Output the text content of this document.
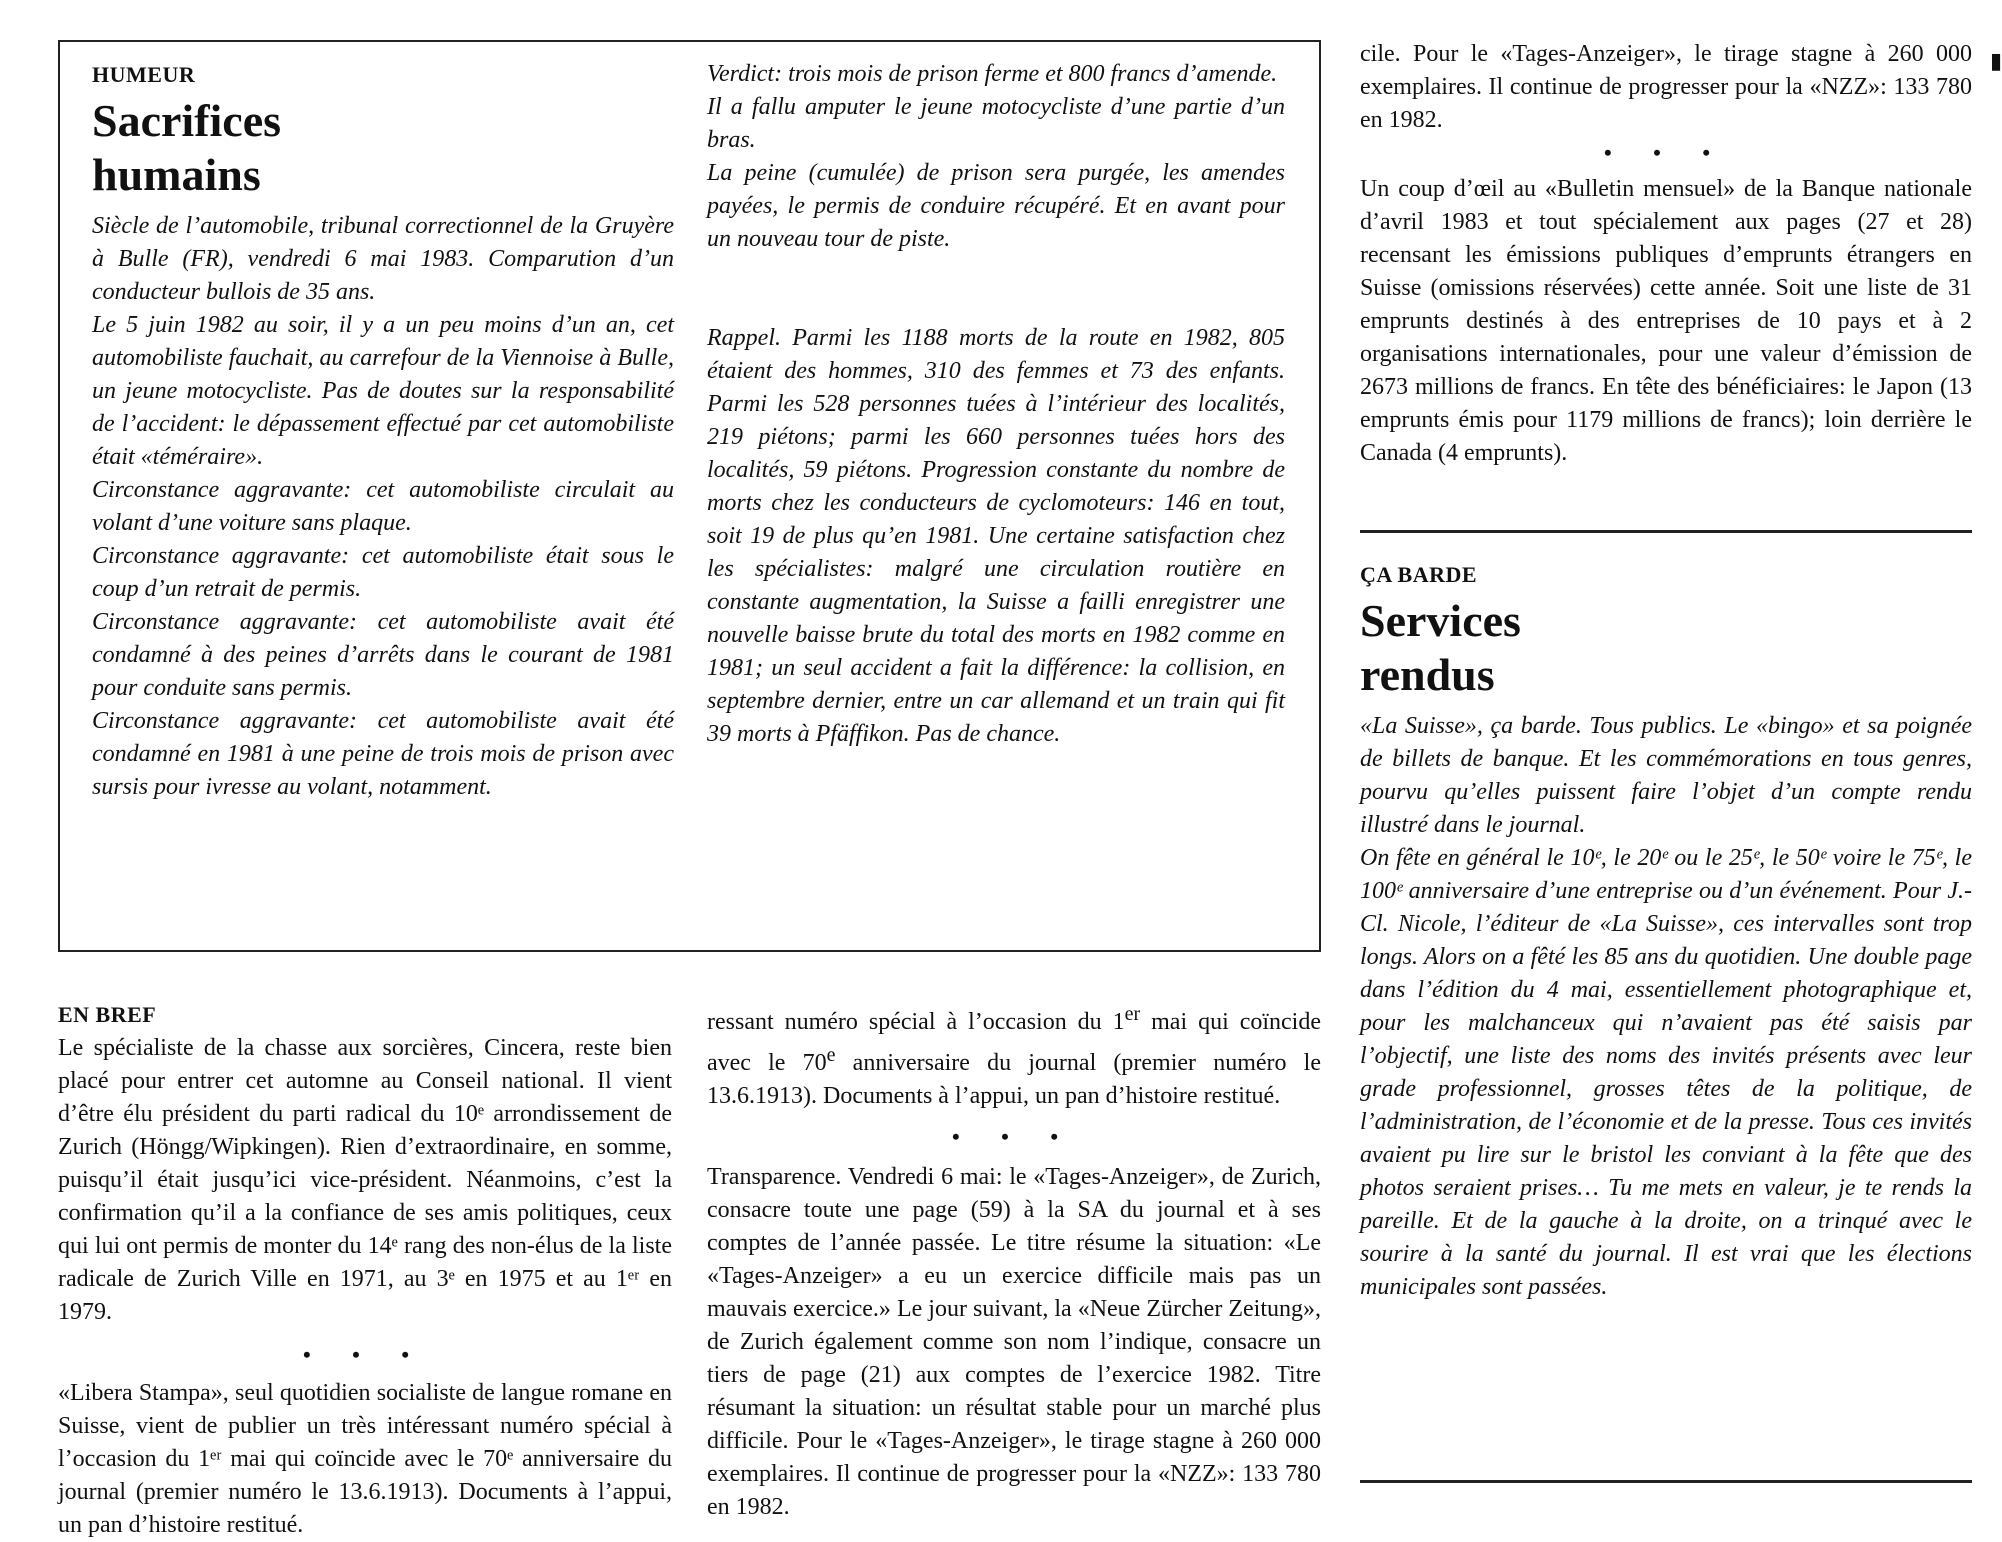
HUMEUR
Sacrifices
humains

Siècle de l’automobile, tribunal correctionnel de la Gruyère à Bulle (FR), vendredi 6 mai 1983. Comparution d’un conducteur bullois de 35 ans.

Le 5 juin 1982 au soir, il y a un peu moins d’un an, cet automobiliste fauchait, au carrefour de la Viennoise à Bulle, un jeune motocycliste. Pas de doutes sur la responsabilité de l’accident: le dépassement effectué par cet automobiliste était «téméraire».

Circonstance aggravante: cet automobiliste circulait au volant d’une voiture sans plaque.

Circonstance aggravante: cet automobiliste était sous le coup d’un retrait de permis.

Circonstance aggravante: cet automobiliste avait été condamné à des peines d’arrêts dans le courant de 1981 pour conduite sans permis.

Circonstance aggravante: cet automobiliste avait été condamné en 1981 à une peine de trois mois de prison avec sursis pour ivresse au volant, notamment.

Verdict: trois mois de prison ferme et 800 francs d’amende.

Il a fallu amputer le jeune motocycliste d’une partie d’un bras.

La peine (cumulée) de prison sera purgée, les amendes payées, le permis de conduire récupéré. Et en avant pour un nouveau tour de piste.

Rappel. Parmi les 1188 morts de la route en 1982, 805 étaient des hommes, 310 des femmes et 73 des enfants. Parmi les 528 personnes tuées à l’intérieur des localités, 219 piétons; parmi les 660 personnes tuées hors des localités, 59 piétons. Progression constante du nombre de morts chez les conducteurs de cyclomoteurs: 146 en tout, soit 19 de plus qu’en 1981. Une certaine satisfaction chez les spécialistes: malgré une circulation routière en constante augmentation, la Suisse a failli enregistrer une nouvelle baisse brute du total des morts en 1982 comme en 1981; un seul accident a fait la différence: la collision, en septembre dernier, entre un car allemand et un train qui fit 39 morts à Pfäffikon. Pas de chance.

EN BREF

Le spécialiste de la chasse aux sorcières, Cincera, reste bien placé pour entrer cet automne au Conseil national. Il vient d’être élu président du parti radical du 10ᵉ arrondissement de Zurich (Höngg/Wipkingen). Rien d’extraordinaire, en somme, puisqu’il était jusqu’ici vice-président. Néanmoins, c’est la confirmation qu’il a la confiance de ses amis politiques, ceux qui lui ont permis de monter du 14ᵉ rang des non-élus de la liste radicale de Zurich Ville en 1971, au 3ᵉ en 1975 et au 1ᵉʳ en 1979.

• • •

«Libera Stampa», seul quotidien socialiste de langue romane en Suisse, vient de publier un très intéressant numéro spécial à l’occasion du 1ᵉʳ mai qui coïncide avec le 70ᵉ anniversaire du journal (premier numéro le 13.6.1913). Documents à l’appui, un pan d’histoire restitué.

ressant numéro spécial à l’occasion du 1er mai qui coïncide avec le 70e anniversaire du journal (premier numéro le 13.6.1913). Documents à l’appui, un pan d’histoire restitué.

• • •

Transparence. Vendredi 6 mai: le «Tages-Anzeiger», de Zurich, consacre toute une page (59) à la SA du journal et à ses comptes de l’année passée. Le titre résume la situation: «Le «Tages-Anzeiger» a eu un exercice difficile mais pas un mauvais exercice.» Le jour suivant, la «Neue Zürcher Zeitung», de Zurich également comme son nom l’indique, consacre un tiers de page (21) aux comptes de l’exercice 1982. Titre résumant la situation: un résultat stable pour un marché plus difficile. Pour le «Tages-Anzeiger», le tirage stagne à 260 000 exemplaires. Il continue de progresser pour la «NZZ»: 133 780 en 1982.

cile. Pour le «Tages-Anzeiger», le tirage stagne à 260 000 exemplaires. Il continue de progresser pour la «NZZ»: 133 780 en 1982.

• • •

Un coup d’œil au «Bulletin mensuel» de la Banque nationale d’avril 1983 et tout spécialement aux pages (27 et 28) recensant les émissions publiques d’emprunts étrangers en Suisse (omissions réservées) cette année. Soit une liste de 31 emprunts destinés à des entreprises de 10 pays et à 2 organisations internationales, pour une valeur d’émission de 2673 millions de francs. En tête des bénéficiaires: le Japon (13 emprunts émis pour 1179 millions de francs); loin derrière le Canada (4 emprunts).

ÇA BARDE
Services
rendus

«La Suisse», ça barde. Tous publics. Le «bingo» et sa poignée de billets de banque. Et les commémorations en tous genres, pourvu qu’elles puissent faire l’objet d’un compte rendu illustré dans le journal.

On fête en général le 10ᵉ, le 20ᵉ ou le 25ᵉ, le 50ᵉ voire le 75ᵉ, le 100ᵉ anniversaire d’une entreprise ou d’un événement. Pour J.-Cl. Nicole, l’éditeur de «La Suisse», ces intervalles sont trop longs. Alors on a fêté les 85 ans du quotidien. Une double page dans l’édition du 4 mai, essentiellement photographique et, pour les malchanceux qui n’avaient pas été saisis par l’objectif, une liste des noms des invités présents avec leur grade professionnel, grosses têtes de la politique, de l’administration, de l’économie et de la presse. Tous ces invités avaient pu lire sur le bristol les conviant à la fête que des photos seraient prises… Tu me mets en valeur, je te rends la pareille. Et de la gauche à la droite, on a trinqué avec le sourire à la santé du journal. Il est vrai que les élections municipales sont passées.

▮
